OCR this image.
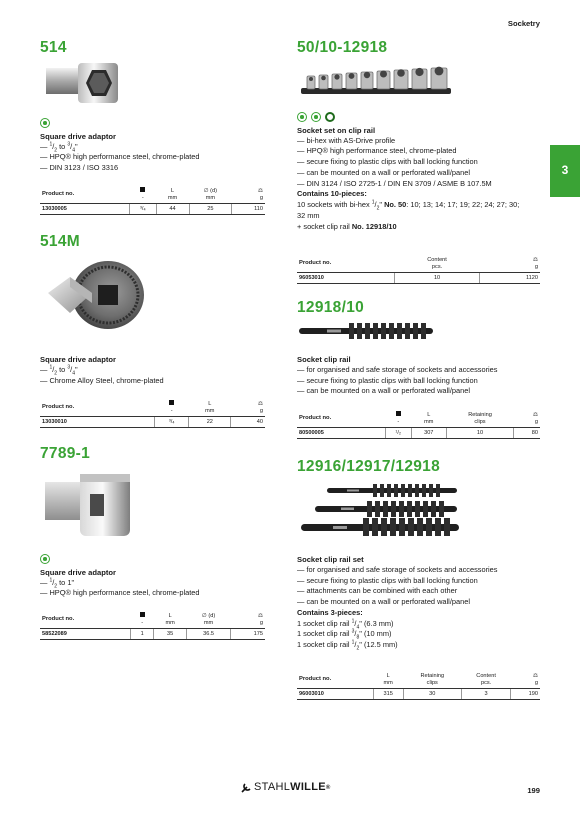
Socketry
3
514
Square drive adaptor
— $^1/_2$ to $^3/_4$"
— HPQ® high performance steel, chrome-plated
— DIN 3123 / ISO 3316
Product no.	-	L
mm	∅ (d)
mm	⚖
g
13030005	³/₄	44	25	110
514M
Square drive adaptor
— $^1/_2$ to $^3/_4$"
— Chrome Alloy Steel, chrome-plated
Product no.	-	L
mm	⚖
g
13030010	³/₄	22	40
7789-1
Square drive adaptor
— $^1/_2$ to 1"
— HPQ® high performance steel, chrome-plated
Product no.	-	L
mm	∅ (d)
mm	⚖
g
58522089	1	35	36.5	175
50/10-12918

Socket set on clip rail
— bi-hex with AS-Drive profile
— HPQ® high performance steel, chrome-plated
— secure fixing to plastic clips with ball locking function
— can be mounted on a wall or perforated wall/panel
— DIN 3124 / ISO 2725-1 / DIN EN 3709 / ASME B 107.5M
Contains 10-pieces:
10 sockets with bi-hex $^1/_2$" No. 50: 10; 13; 14; 17; 19; 22; 24; 27; 30;
32 mm
+ socket clip rail No. 12918/10
Product no.	Content
pcs.	⚖
g
96053010	10	1120
12918/10
Socket clip rail
— for organised and safe storage of sockets and accessories
— secure fixing to plastic clips with ball locking function
— can be mounted on a wall or perforated wall/panel
Product no.	-	L
mm	Retaining
clips	⚖
g
80500005	¹/₂	307	10	80
12916/12917/12918
Socket clip rail set
— for organised and safe storage of sockets and accessories
— secure fixing to plastic clips with ball locking function
— attachments can be combined with each other
— can be mounted on a wall or perforated wall/panel
Contains 3-pieces:
1 socket clip rail $^1/_4$" (6.3 mm)
1 socket clip rail $^3/_8$" (10 mm)
1 socket clip rail $^1/_2$" (12.5 mm)
Product no.	L
mm	Retaining
clips	Content
pcs.	⚖
g
96003010	315	30	3	190
STAHL WILLE ®	199
